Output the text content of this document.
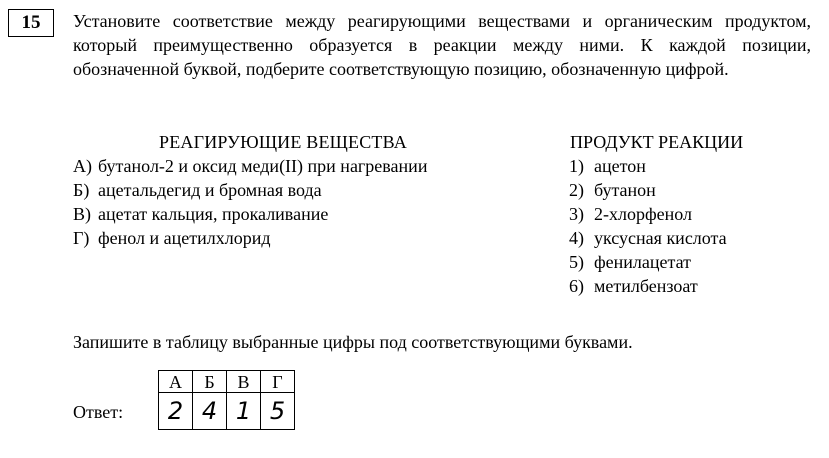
15	Установите соответствие между реагирующими веществами и органическим продуктом, который преимущественно образуется в реакции между ними. К каждой позиции, обозначенной буквой, подберите соответствующую позицию, обозначенную цифрой.
РЕАГИРУЮЩИЕ ВЕЩЕСТВА	ПРОДУКТ РЕАКЦИИ
А) бутанол-2 и оксид меди(II) при нагревании
Б) ацетальдегид и бромная вода
В) ацетат кальция, прокаливание
Г) фенол и ацетилхлорид
1) ацетон
2) бутанон
3) 2-хлорфенол
4) уксусная кислота
5) фенилацетат
6) метилбензоат
Запишите в таблицу выбранные цифры под соответствующими буквами.
Ответ:
А	Б	В	Г
2	4	1	5
